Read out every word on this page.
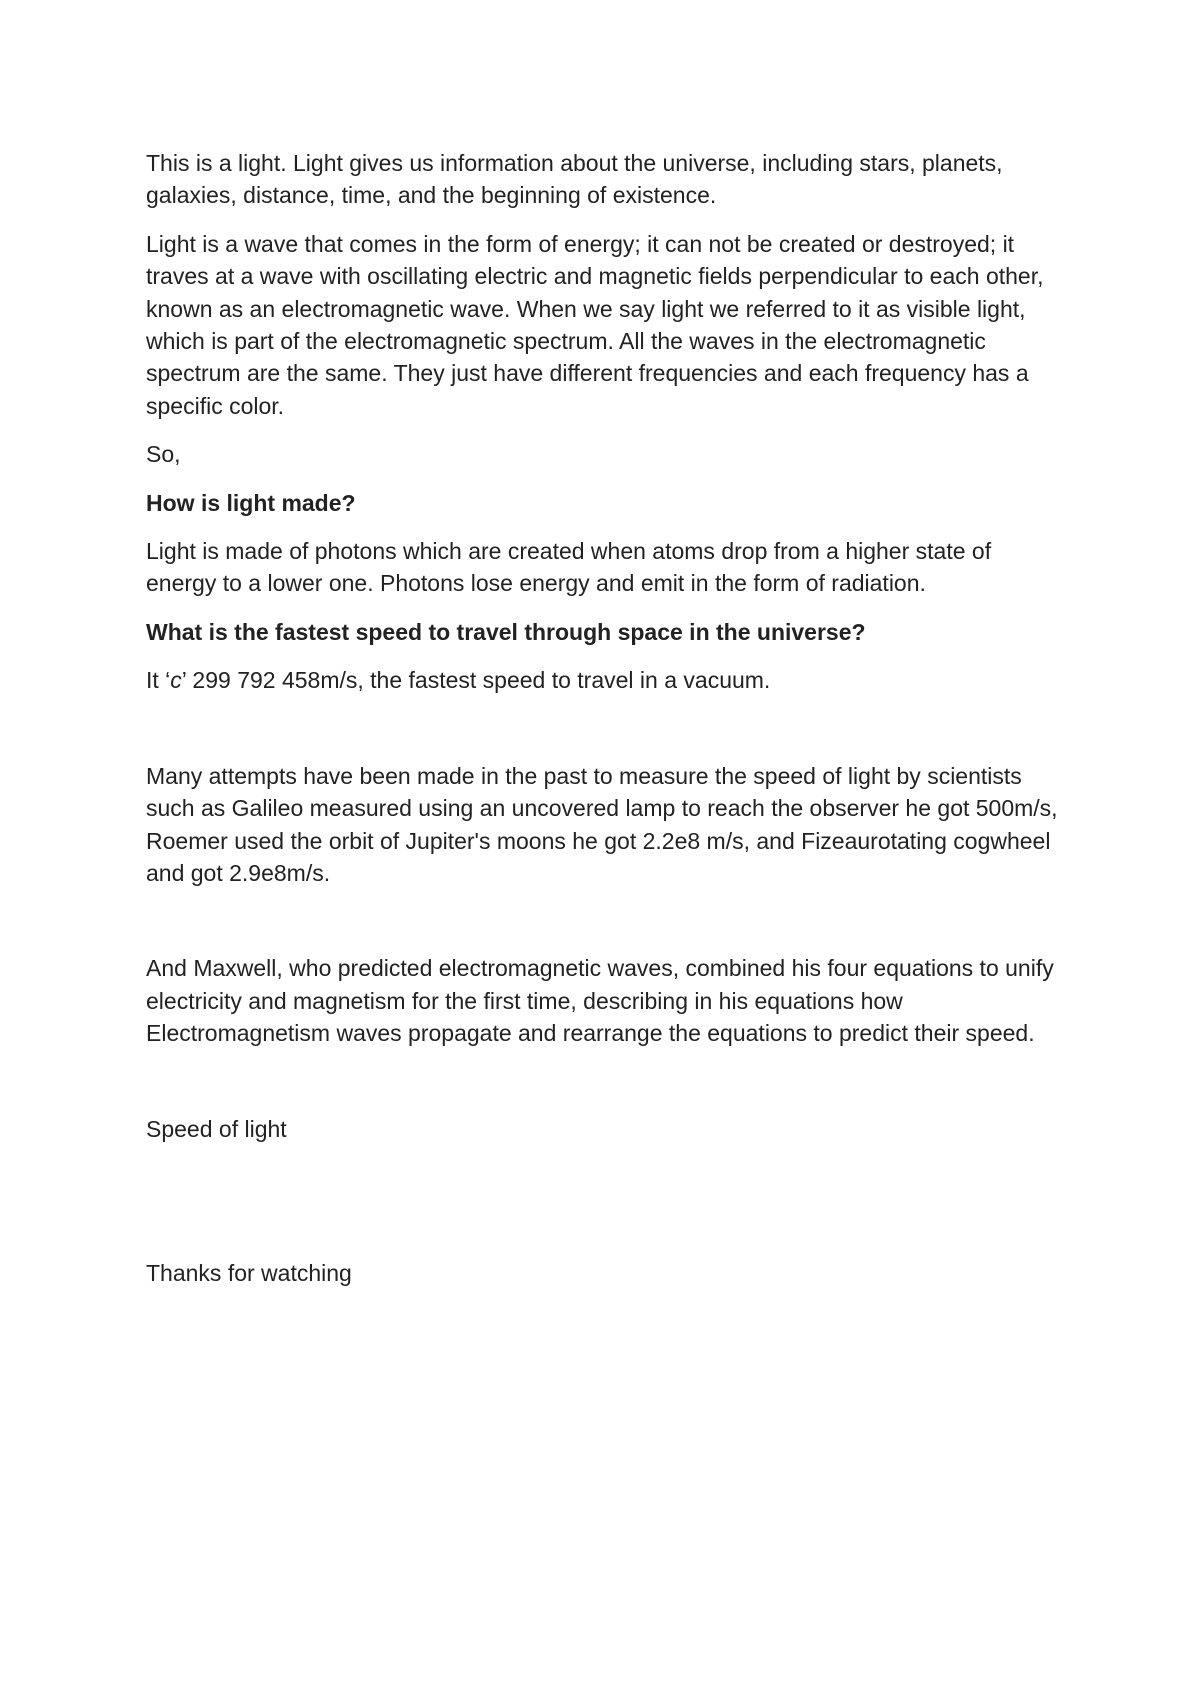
This is a light. Light gives us information about the universe, including stars, planets, galaxies, distance, time, and the beginning of existence.

Light is a wave that comes in the form of energy; it can not be created or destroyed; it traves at a wave with oscillating electric and magnetic fields perpendicular to each other, known as an electromagnetic wave. When we say light we referred to it as visible light, which is part of the electromagnetic spectrum. All the waves in the electromagnetic spectrum are the same. They just have different frequencies and each frequency has a specific color.

So,

How is light made?

Light is made of photons which are created when atoms drop from a higher state of energy to a lower one. Photons lose energy and emit in the form of radiation.

What is the fastest speed to travel through space in the universe?

It ‘c’ 299 792 458m/s, the fastest speed to travel in a vacuum.

Many attempts have been made in the past to measure the speed of light by scientists such as Galileo measured using an uncovered lamp to reach the observer he got 500m/s, Roemer used the orbit of Jupiter's moons he got 2.2e8 m/s, and Fizeaurotating cogwheel and got 2.9e8m/s.

And Maxwell, who predicted electromagnetic waves, combined his four equations to unify electricity and magnetism for the first time, describing in his equations how Electromagnetism waves propagate and rearrange the equations to predict their speed.

Speed of light

Thanks for watching
